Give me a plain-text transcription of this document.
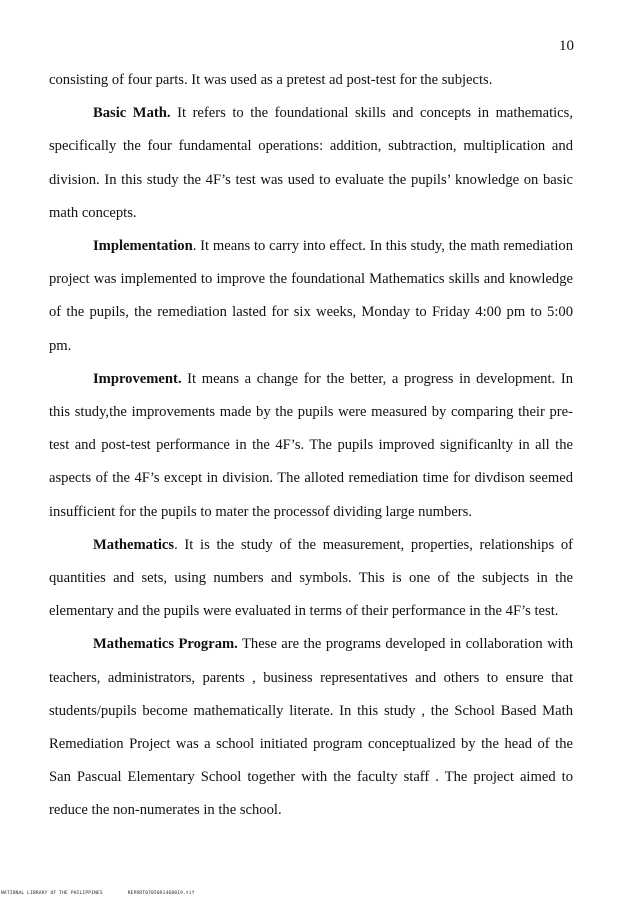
10

consisting of four parts. It was used as a pretest ad post-test for the subjects.

Basic Math. It refers to the foundational skills and concepts in mathematics, specifically the four fundamental operations: addition, subtraction, multiplication and division. In this study the 4F’s test was used to evaluate the pupils’ knowledge on basic math concepts.

Implementation. It means to carry into effect. In this study, the math remediation project was implemented to improve the foundational Mathematics skills and knowledge of the pupils, the remediation lasted for six weeks, Monday to Friday 4:00 pm to 5:00 pm.

Improvement. It means a change for the better, a progress in development. In this study,the improvements made by the pupils were measured by comparing their pre-test and post-test performance in the 4F’s. The pupils improved significanlty in all the aspects of the 4F’s except in division. The alloted remediation time for divdison seemed insufficient for the pupils to mater the processof dividing large numbers.

Mathematics. It is the study of the measurement, properties, relationships of quantities and sets, using numbers and symbols. This is one of the subjects in the elementary and the pupils were evaluated in terms of their performance in the 4F’s test.

Mathematics Program. These are the programs developed in collaboration with teachers, administrators, parents , business representatives and others to ensure that students/pupils become mathematically literate. In this study , the School Based Math Remediation Project was a school initiated program conceptualized by the head of the San Pascual Elementary School together with the faculty staff . The project aimed to reduce the non-numerates in the school.

NATIONAL LIBRARY OF THE PHILIPPINES	REPORT0705091468019.tif
